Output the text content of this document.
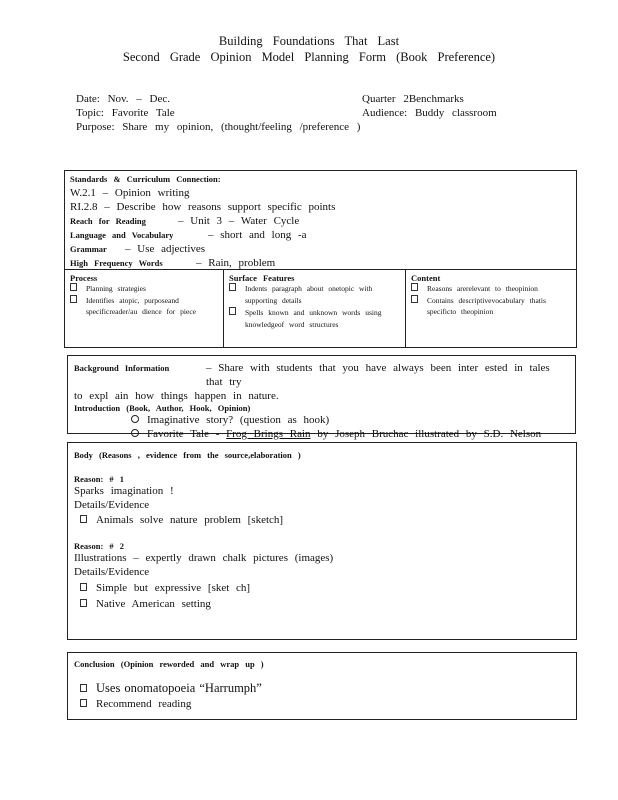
Building Foundations That Last
Second Grade Opinion Model Planning Form (Book Preference)
Date: Nov. – Dec.
Topic: Favorite Tale
Purpose: Share my opinion, (thought/feeling /preference )
Quarter 2Benchmarks
Audience: Buddy classroom
Standards & Curriculum Connection:
W.2.1 – Opinion writing
RI.2.8 – Describe how reasons support specific points
Reach for Reading	– Unit 3 – Water Cycle
Language and Vocabulary	– short and long -a
Grammar	– Use adjectives
High Frequency Words	– Rain, problem
Process
Planning strategies
Identifies atopic, purposeand specificreader/au dience for piece
Surface Features
Indents paragraph about onetopic with supporting details
Spells known and unknown words using knowledgeof word structures
Content
Reasons arerelevant to theopinion
Contains descriptivevocabulary thatis specificto theopinion
Background Information	– Share with students that you have always been inter ested in tales that try
to expl ain how things happen in nature.
Introduction (Book, Author, Hook, Opinion)
Imaginative story? (question as hook)
Favorite Tale -
Frog Brings Rain
by Joseph Bruchac illustrated by S.D. Nelson
Body (Reasons , evidence from the source,elaboration )
Reason: # 1
Sparks imagination !
Details/Evidence
Animals solve nature problem [sketch]
Reason: # 2
Illustrations – expertly drawn chalk pictures (images)
Details/Evidence
Simple but expressive [sket ch]
Native American setting
Conclusion (Opinion reworded and wrap up )
Uses onomatopoeia “Harrumph”
Recommend reading
